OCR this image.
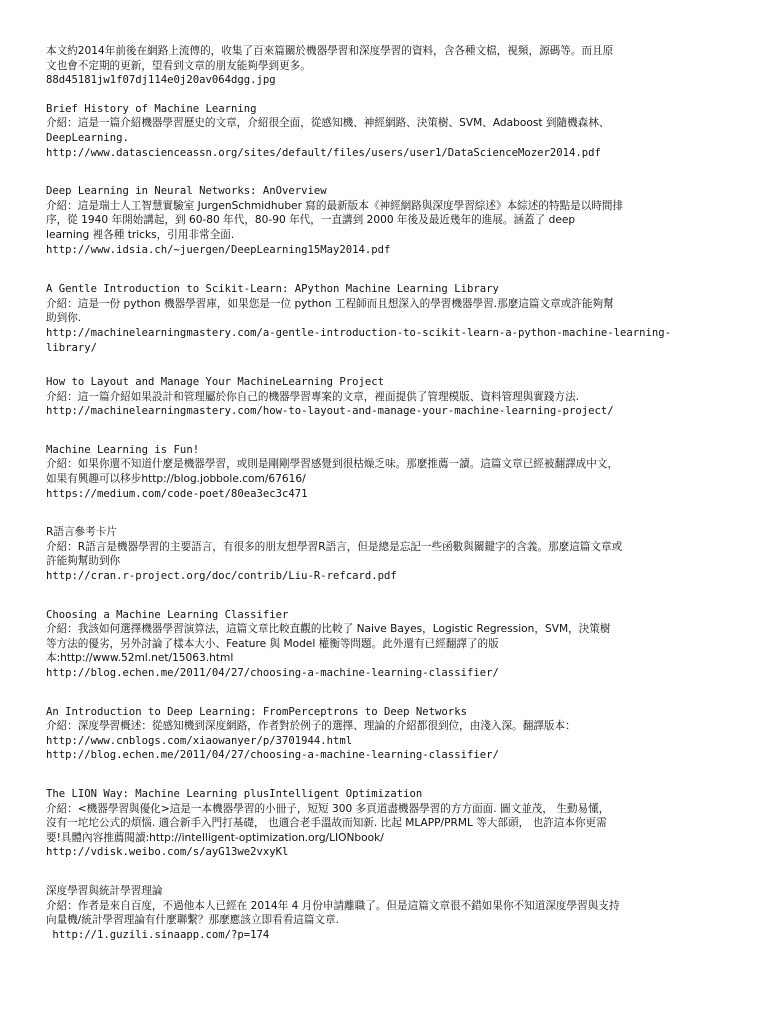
本文約2014年前後在網路上流傳的，收集了百來篇關於機器學習和深度學習的資料，含各種文檔，視頻，源碼等。而且原

文也會不定期的更新，望看到文章的朋友能夠學到更多。

88d45181jw1f07dj114e0j20av064dgg.jpg

Brief History of Machine Learning

介紹：這是一篇介紹機器學習歷史的文章，介紹很全面，從感知機、神經網路、決策樹、SVM、Adaboost 到隨機森林、

DeepLearning.

http://www.datascienceassn.org/sites/default/files/users/user1/DataScienceMozer2014.pdf

Deep Learning in Neural Networks: AnOverview

介紹：這是瑞士人工智慧實驗室 JurgenSchmidhuber 寫的最新版本《神經網路與深度學習綜述》本綜述的特點是以時間排

序，從 1940 年開始講起，到 60-80 年代，80-90 年代，一直講到 2000 年後及最近幾年的進展。涵蓋了 deep

learning 裡各種 tricks，引用非常全面.

http://www.idsia.ch/~juergen/DeepLearning15May2014.pdf

A Gentle Introduction to Scikit-Learn: APython Machine Learning Library

介紹：這是一份 python 機器學習庫，如果您是一位 python 工程師而且想深入的學習機器學習.那麼這篇文章或許能夠幫

助到你.

http://machinelearningmastery.com/a-gentle-introduction-to-scikit-learn-a-python-machine-learning-

library/

How to Layout and Manage Your MachineLearning Project

介紹：這一篇介紹如果設計和管理屬於你自己的機器學習專案的文章，裡面提供了管理模版、資料管理與實踐方法.

http://machinelearningmastery.com/how-to-layout-and-manage-your-machine-learning-project/

Machine Learning is Fun!

介紹：如果你還不知道什麼是機器學習，或則是剛剛學習感覺到很枯燥乏味。那麼推薦一讀。這篇文章已經被翻譯成中文，

如果有興趣可以移步http://blog.jobbole.com/67616/

https://medium.com/code-poet/80ea3ec3c471

R語言參考卡片

介紹：R語言是機器學習的主要語言，有很多的朋友想學習R語言，但是總是忘記一些函數與關鍵字的含義。那麼這篇文章或

許能夠幫助到你

http://cran.r-project.org/doc/contrib/Liu-R-refcard.pdf

Choosing a Machine Learning Classifier

介紹：我該如何選擇機器學習演算法，這篇文章比較直觀的比較了 Naive Bayes，Logistic Regression，SVM，決策樹

等方法的優劣，另外討論了樣本大小、Feature 與 Model 權衡等問題。此外還有已經翻譯了的版

本:http://www.52ml.net/15063.html

http://blog.echen.me/2011/04/27/choosing-a-machine-learning-classifier/

An Introduction to Deep Learning: FromPerceptrons to Deep Networks

介紹：深度學習概述：從感知機到深度網路，作者對於例子的選擇、理論的介紹都很到位，由淺入深。翻譯版本：

http://www.cnblogs.com/xiaowanyer/p/3701944.html

http://blog.echen.me/2011/04/27/choosing-a-machine-learning-classifier/

The LION Way: Machine Learning plusIntelligent Optimization

介紹：<機器學習與優化>這是一本機器學習的小冊子，短短 300 多頁道盡機器學習的方方面面. 圖文並茂， 生動易懂，

沒有一坨坨公式的煩惱. 適合新手入門打基礎， 也適合老手溫故而知新. 比起 MLAPP/PRML 等大部頭， 也許這本你更需

要!具體內容推薦閱讀:http://intelligent-optimization.org/LIONbook/

http://vdisk.weibo.com/s/ayG13we2vxyKl

深度學習與統計學習理論

介紹：作者是來自百度，不過他本人已經在 2014年 4 月份申請離職了。但是這篇文章很不錯如果你不知道深度學習與支持

向量機/統計學習理論有什麼聯繫？那麼應該立即看看這篇文章.

http://1.guzili.sinaapp.com/?p=174
